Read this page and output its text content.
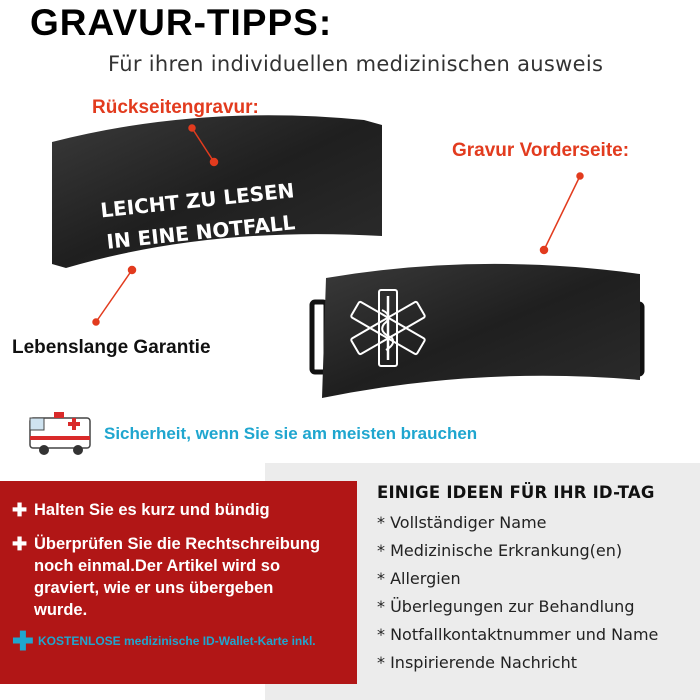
GRAVUR-TIPPS:
Für ihren individuellen medizinischen ausweis
Rückseitengravur:
Gravur Vorderseite:
LEICHT ZU LESEN
IN EINE NOTFALL
Lebenslange Garantie
Sicherheit, wenn Sie sie am meisten brauchen
EINIGE IDEEN FÜR IHR ID-TAG
* Vollständiger Name
* Medizinische Erkrankung(en)
* Allergien
* Überlegungen zur Behandlung
* Notfallkontaktnummer und Name
* Inspirierende Nachricht
✚ Halten Sie es kurz und bündig
✚ Überprüfen Sie die Rechtschreibung
noch einmal.Der Artikel wird so
graviert, wie er uns übergeben
wurde.
✚ KOSTENLOSE medizinische ID-Wallet-Karte inkl.
